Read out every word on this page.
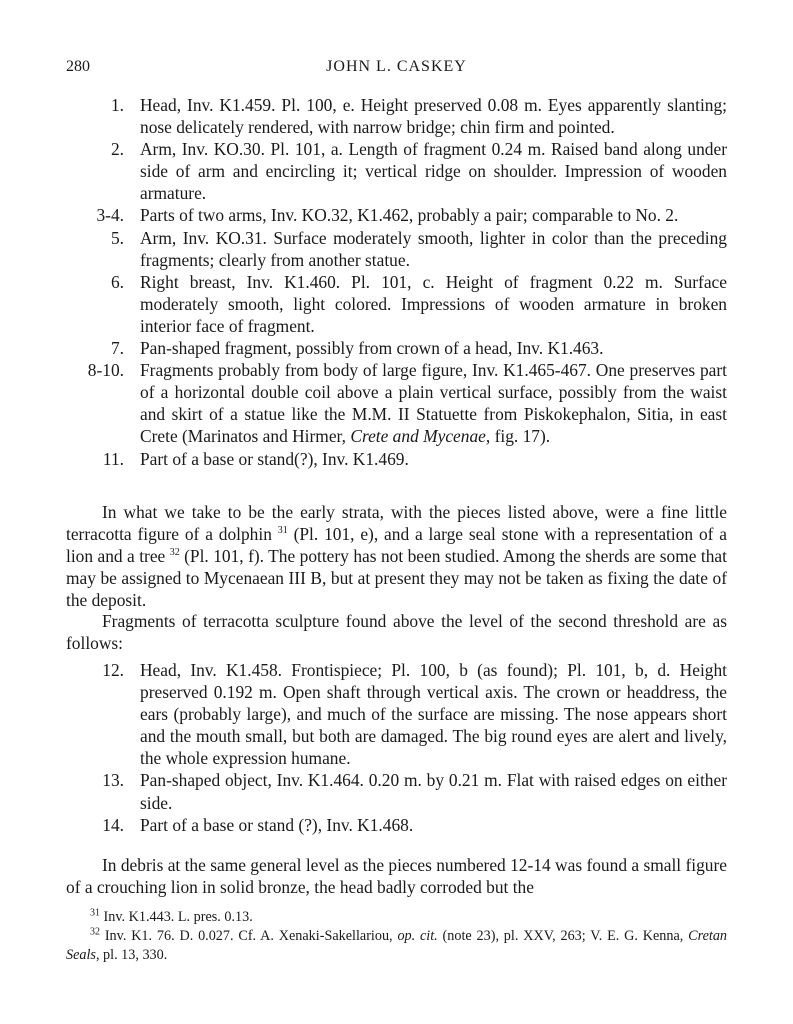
280	JOHN L. CASKEY
1. Head, Inv. K1.459. Pl. 100, e. Height preserved 0.08 m. Eyes apparently slanting; nose delicately rendered, with narrow bridge; chin firm and pointed.
2. Arm, Inv. KO.30. Pl. 101, a. Length of fragment 0.24 m. Raised band along under side of arm and encircling it; vertical ridge on shoulder. Impression of wooden armature.
3-4. Parts of two arms, Inv. KO.32, K1.462, probably a pair; comparable to No. 2.
5. Arm, Inv. KO.31. Surface moderately smooth, lighter in color than the preceding fragments; clearly from another statue.
6. Right breast, Inv. K1.460. Pl. 101, c. Height of fragment 0.22 m. Surface moderately smooth, light colored. Impressions of wooden armature in broken interior face of fragment.
7. Pan-shaped fragment, possibly from crown of a head, Inv. K1.463.
8-10. Fragments probably from body of large figure, Inv. K1.465-467. One preserves part of a horizontal double coil above a plain vertical surface, possibly from the waist and skirt of a statue like the M.M. II Statuette from Piskokephalon, Sitia, in east Crete (Marinatos and Hirmer, Crete and Mycenae, fig. 17).
11. Part of a base or stand(?), Inv. K1.469.

In what we take to be the early strata, with the pieces listed above, were a fine little terracotta figure of a dolphin $^{31}$ (Pl. 101, e), and a large seal stone with a representation of a lion and a tree $^{32}$ (Pl. 101, f). The pottery has not been studied. Among the sherds are some that may be assigned to Mycenaean III B, but at present they may not be taken as fixing the date of the deposit.

Fragments of terracotta sculpture found above the level of the second threshold are as follows:

12. Head, Inv. K1.458. Frontispiece; Pl. 100, b (as found); Pl. 101, b, d. Height preserved 0.192 m. Open shaft through vertical axis. The crown or headdress, the ears (probably large), and much of the surface are missing. The nose appears short and the mouth small, but both are damaged. The big round eyes are alert and lively, the whole expression humane.
13. Pan-shaped object, Inv. K1.464. 0.20 m. by 0.21 m. Flat with raised edges on either side.
14. Part of a base or stand (?), Inv. K1.468.

In debris at the same general level as the pieces numbered 12-14 was found a small figure of a crouching lion in solid bronze, the head badly corroded but the

$^{31}$ Inv. K1.443. L. pres. 0.13.

$^{32}$ Inv. K1. 76. D. 0.027. Cf. A. Xenaki-Sakellariou, op. cit. (note 23), pl. XXV, 263; V. E. G. Kenna, Cretan Seals, pl. 13, 330.
